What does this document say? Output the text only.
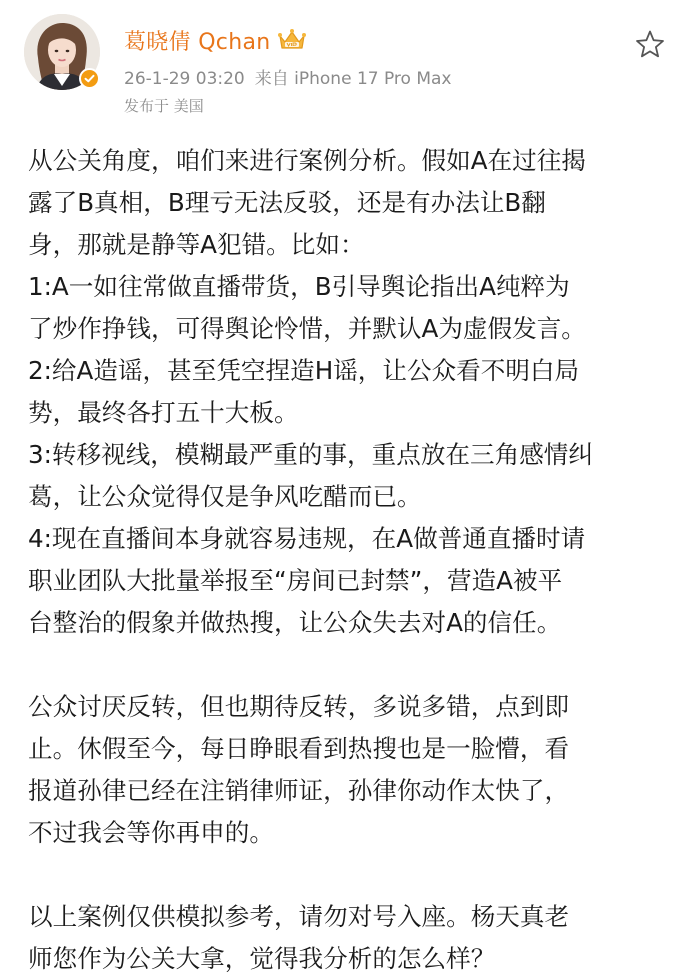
葛晓倩 Qchan
26-1-29 03:20 来自 iPhone 17 Pro Max
发布于 美国
从公关角度，咱们来进行案例分析。假如A在过往揭
露了B真相，B理亏无法反驳，还是有办法让B翻
身，那就是静等A犯错。比如：
1:A一如往常做直播带货，B引导舆论指出A纯粹为
了炒作挣钱，可得舆论怜惜，并默认A为虚假发言。
2:给A造谣，甚至凭空捏造H谣，让公众看不明白局
势，最终各打五十大板。
3:转移视线，模糊最严重的事，重点放在三角感情纠
葛，让公众觉得仅是争风吃醋而已。
4:现在直播间本身就容易违规，在A做普通直播时请
职业团队大批量举报至“房间已封禁”，营造A被平
台整治的假象并做热搜，让公众失去对A的信任。
公众讨厌反转，但也期待反转，多说多错，点到即
止。休假至今，每日睁眼看到热搜也是一脸懵，看
报道孙律已经在注销律师证，孙律你动作太快了，
不过我会等你再申的。
以上案例仅供模拟参考，请勿对号入座。杨天真老
师您作为公关大拿，觉得我分析的怎么样？
